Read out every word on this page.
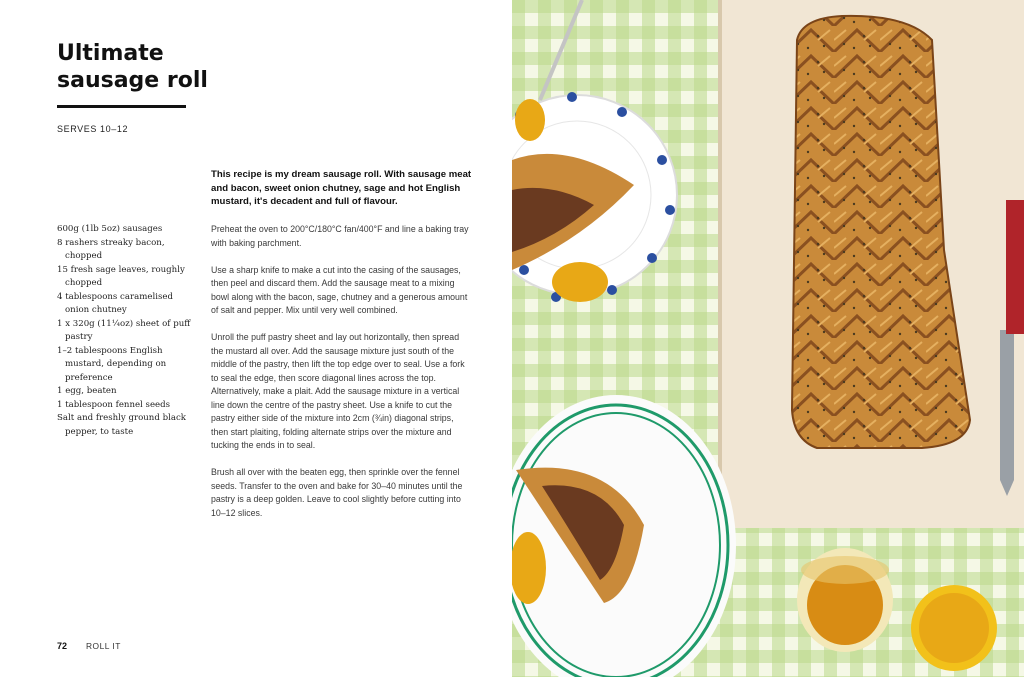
Ultimate
sausage roll
SERVES 10–12

This recipe is my dream sausage roll. With sausage meat and bacon, sweet onion chutney, sage and hot English mustard, it's decadent and full of flavour.

600g (1lb 5oz) sausages
8 rashers streaky bacon, chopped
15 fresh sage leaves, roughly chopped
4 tablespoons caramelised onion chutney
1 x 320g (11¼oz) sheet of puff pastry
1–2 tablespoons English mustard, depending on preference
1 egg, beaten
1 tablespoon fennel seeds
Salt and freshly ground black pepper, to taste

Preheat the oven to 200°C/180°C fan/400°F and line a baking tray with baking parchment.

Use a sharp knife to make a cut into the casing of the sausages, then peel and discard them. Add the sausage meat to a mixing bowl along with the bacon, sage, chutney and a generous amount of salt and pepper. Mix until very well combined.

Unroll the puff pastry sheet and lay out horizontally, then spread the mustard all over. Add the sausage mixture just south of the middle of the pastry, then lift the top edge over to seal. Use a fork to seal the edge, then score diagonal lines across the top. Alternatively, make a plait. Add the sausage mixture in a vertical line down the centre of the pastry sheet. Use a knife to cut the pastry either side of the mixture into 2cm (¾in) diagonal strips, then start plaiting, folding alternate strips over the mixture and tucking the ends in to seal.

Brush all over with the beaten egg, then sprinkle over the fennel seeds. Transfer to the oven and bake for 30–40 minutes until the pastry is a deep golden. Leave to cool slightly before cutting into 10–12 slices.

72 ROLL IT
